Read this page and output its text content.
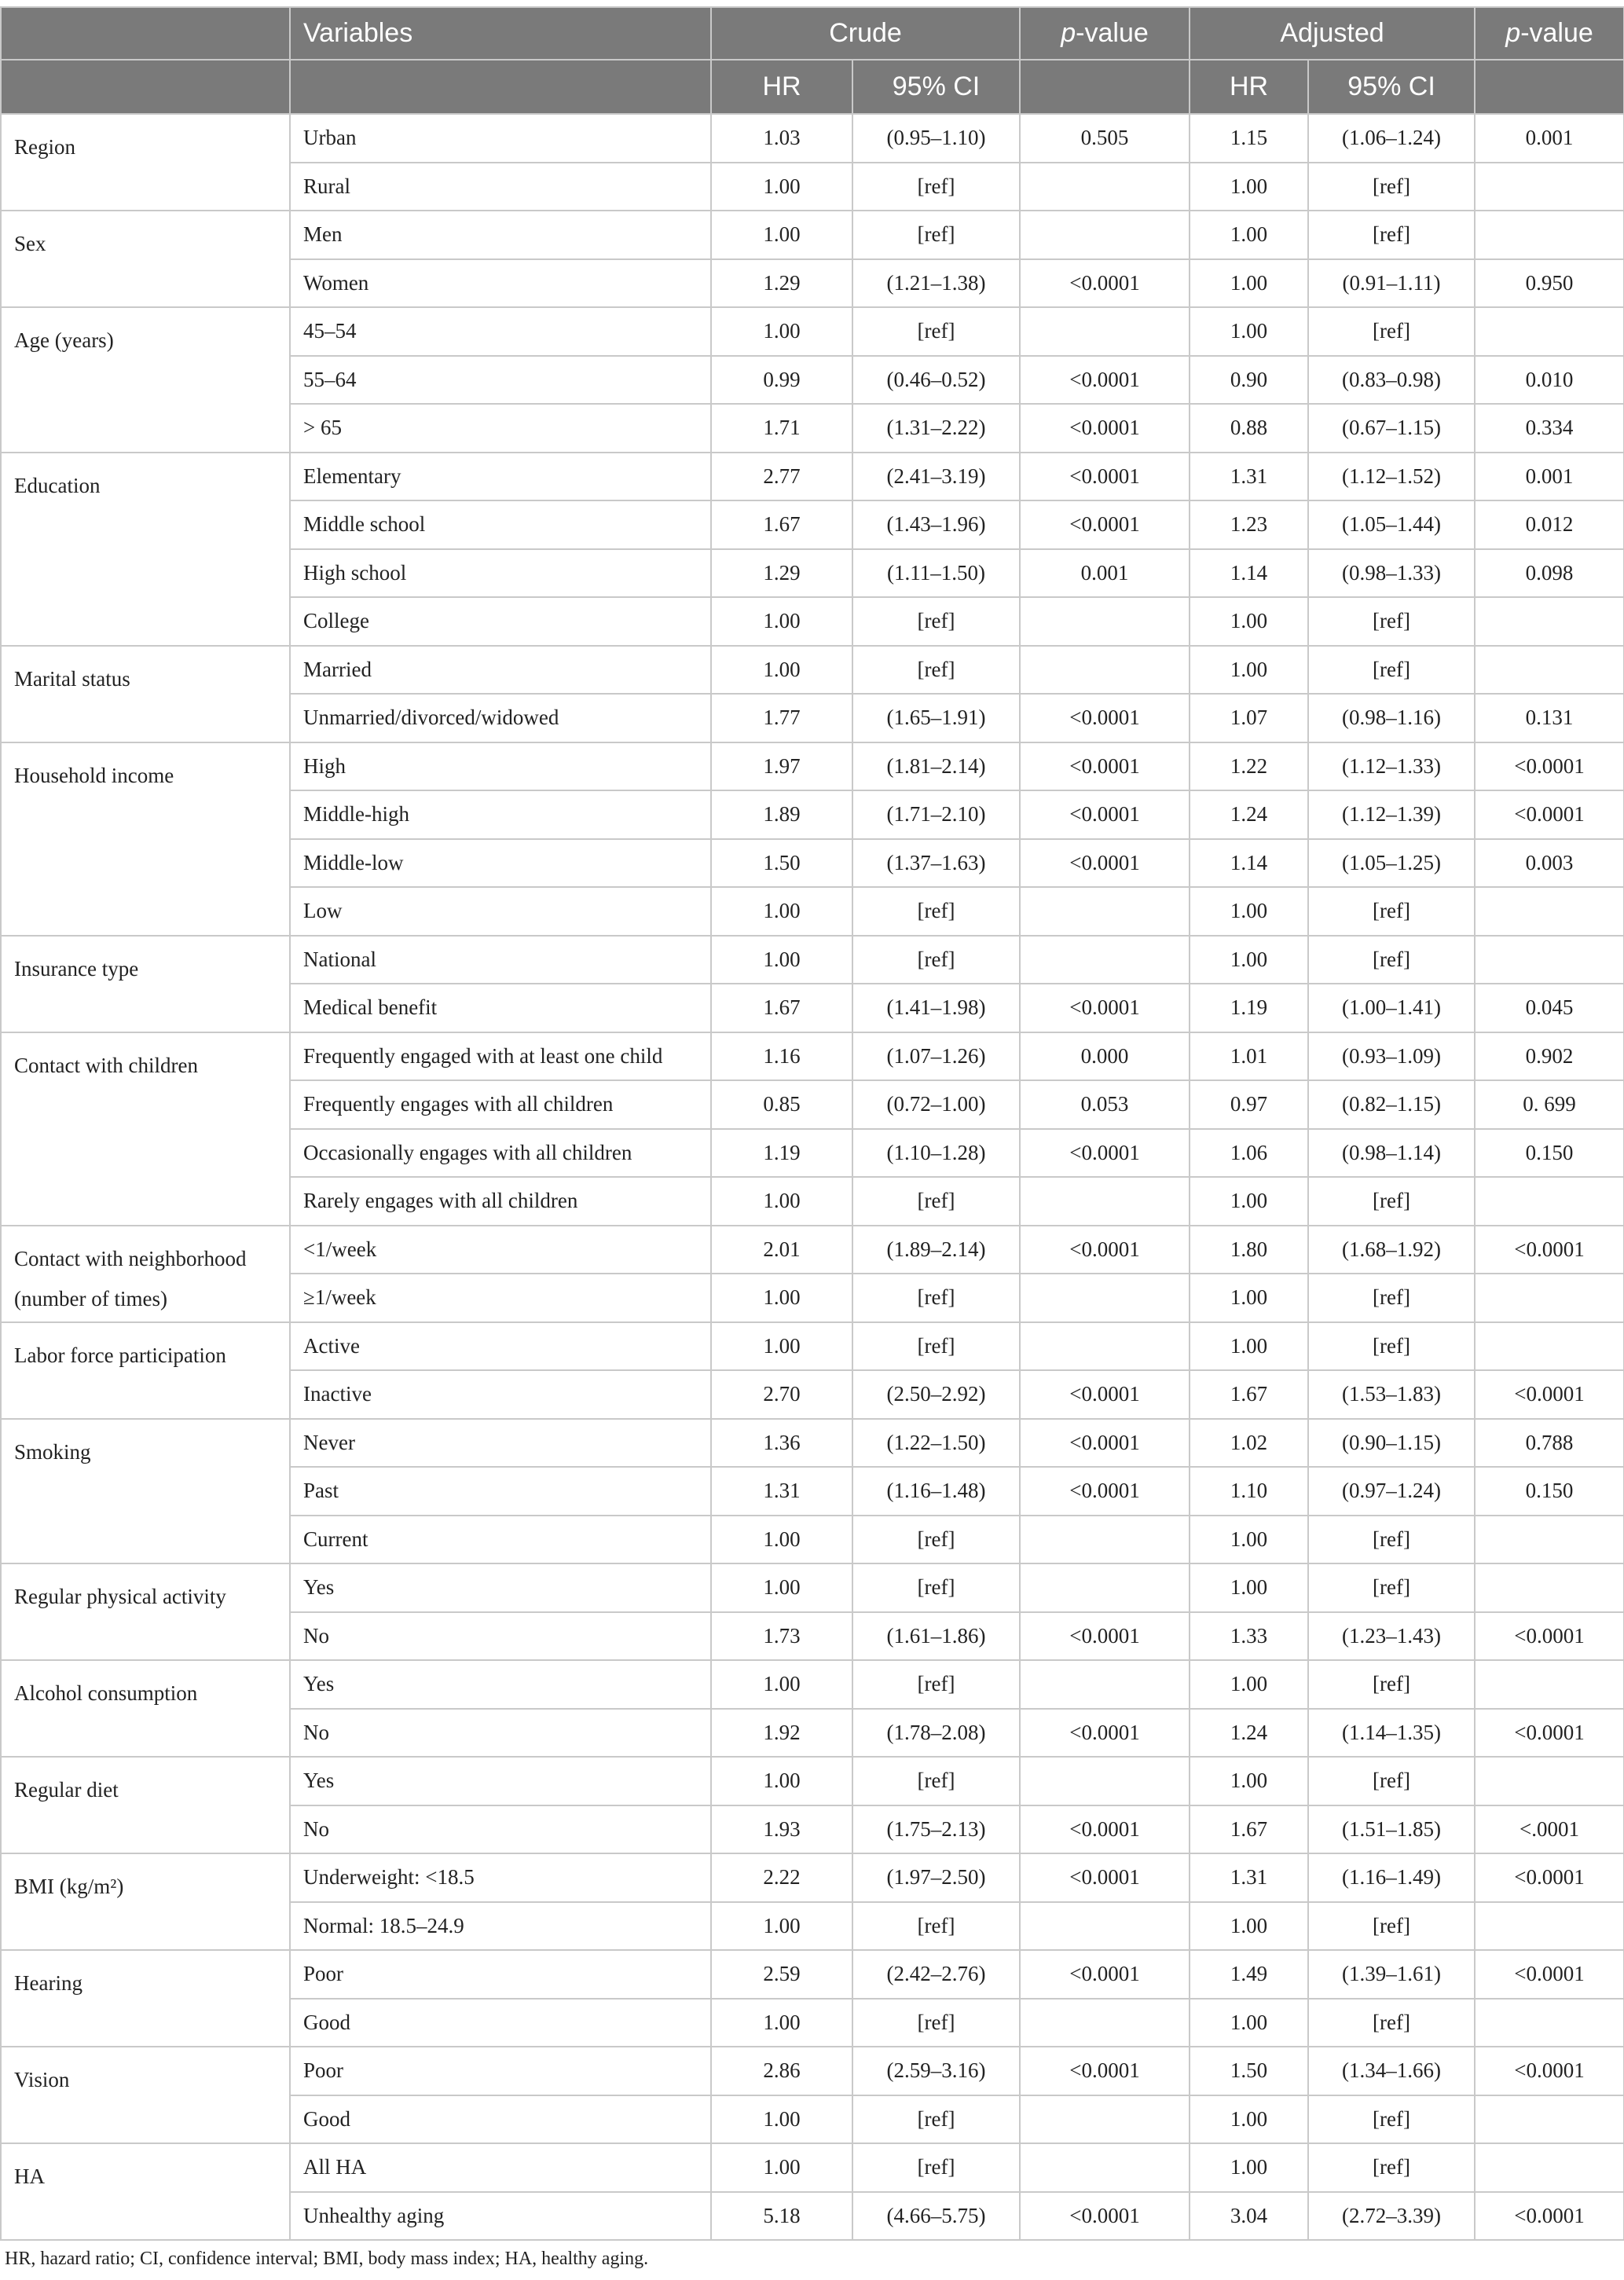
	Variables	Crude		p-value	Adjusted		p-value
		HR	95% CI		HR	95% CI	
Region	Urban	1.03	(0.95–1.10)	0.505	1.15	(1.06–1.24)	0.001
	Rural	1.00	[ref]		1.00	[ref]	
Sex	Men	1.00	[ref]		1.00	[ref]	
	Women	1.29	(1.21–1.38)	<0.0001	1.00	(0.91–1.11)	0.950
Age (years)	45–54	1.00	[ref]		1.00	[ref]	
	55–64	0.99	(0.46–0.52)	<0.0001	0.90	(0.83–0.98)	0.010
	> 65	1.71	(1.31–2.22)	<0.0001	0.88	(0.67–1.15)	0.334
Education	Elementary	2.77	(2.41–3.19)	<0.0001	1.31	(1.12–1.52)	0.001
	Middle school	1.67	(1.43–1.96)	<0.0001	1.23	(1.05–1.44)	0.012
	High school	1.29	(1.11–1.50)	0.001	1.14	(0.98–1.33)	0.098
	College	1.00	[ref]		1.00	[ref]	
Marital status	Married	1.00	[ref]		1.00	[ref]	
	Unmarried/divorced/widowed	1.77	(1.65–1.91)	<0.0001	1.07	(0.98–1.16)	0.131
Household income	High	1.97	(1.81–2.14)	<0.0001	1.22	(1.12–1.33)	<0.0001
	Middle-high	1.89	(1.71–2.10)	<0.0001	1.24	(1.12–1.39)	<0.0001
	Middle-low	1.50	(1.37–1.63)	<0.0001	1.14	(1.05–1.25)	0.003
	Low	1.00	[ref]		1.00	[ref]	
Insurance type	National	1.00	[ref]		1.00	[ref]	
	Medical benefit	1.67	(1.41–1.98)	<0.0001	1.19	(1.00–1.41)	0.045
Contact with children	Frequently engaged with at least one child	1.16	(1.07–1.26)	0.000	1.01	(0.93–1.09)	0.902
	Frequently engages with all children	0.85	(0.72–1.00)	0.053	0.97	(0.82–1.15)	0. 699
	Occasionally engages with all children	1.19	(1.10–1.28)	<0.0001	1.06	(0.98–1.14)	0.150
	Rarely engages with all children	1.00	[ref]		1.00	[ref]	
Contact with neighborhood (number of times)	<1/week	2.01	(1.89–2.14)	<0.0001	1.80	(1.68–1.92)	<0.0001
	≥1/week	1.00	[ref]		1.00	[ref]	
Labor force participation	Active	1.00	[ref]		1.00	[ref]	
	Inactive	2.70	(2.50–2.92)	<0.0001	1.67	(1.53–1.83)	<0.0001
Smoking	Never	1.36	(1.22–1.50)	<0.0001	1.02	(0.90–1.15)	0.788
	Past	1.31	(1.16–1.48)	<0.0001	1.10	(0.97–1.24)	0.150
	Current	1.00	[ref]		1.00	[ref]	
Regular physical activity	Yes	1.00	[ref]		1.00	[ref]	
	No	1.73	(1.61–1.86)	<0.0001	1.33	(1.23–1.43)	<0.0001
Alcohol consumption	Yes	1.00	[ref]		1.00	[ref]	
	No	1.92	(1.78–2.08)	<0.0001	1.24	(1.14–1.35)	<0.0001
Regular diet	Yes	1.00	[ref]		1.00	[ref]	
	No	1.93	(1.75–2.13)	<0.0001	1.67	(1.51–1.85)	<.0001
BMI (kg/m²)	Underweight: <18.5	2.22	(1.97–2.50)	<0.0001	1.31	(1.16–1.49)	<0.0001
	Normal: 18.5–24.9	1.00	[ref]		1.00	[ref]	
Hearing	Poor	2.59	(2.42–2.76)	<0.0001	1.49	(1.39–1.61)	<0.0001
	Good	1.00	[ref]		1.00	[ref]	
Vision	Poor	2.86	(2.59–3.16)	<0.0001	1.50	(1.34–1.66)	<0.0001
	Good	1.00	[ref]		1.00	[ref]	
HA	All HA	1.00	[ref]		1.00	[ref]	
	Unhealthy aging	5.18	(4.66–5.75)	<0.0001	3.04	(2.72–3.39)	<0.0001
HR, hazard ratio; CI, confidence interval; BMI, body mass index; HA, healthy aging.
